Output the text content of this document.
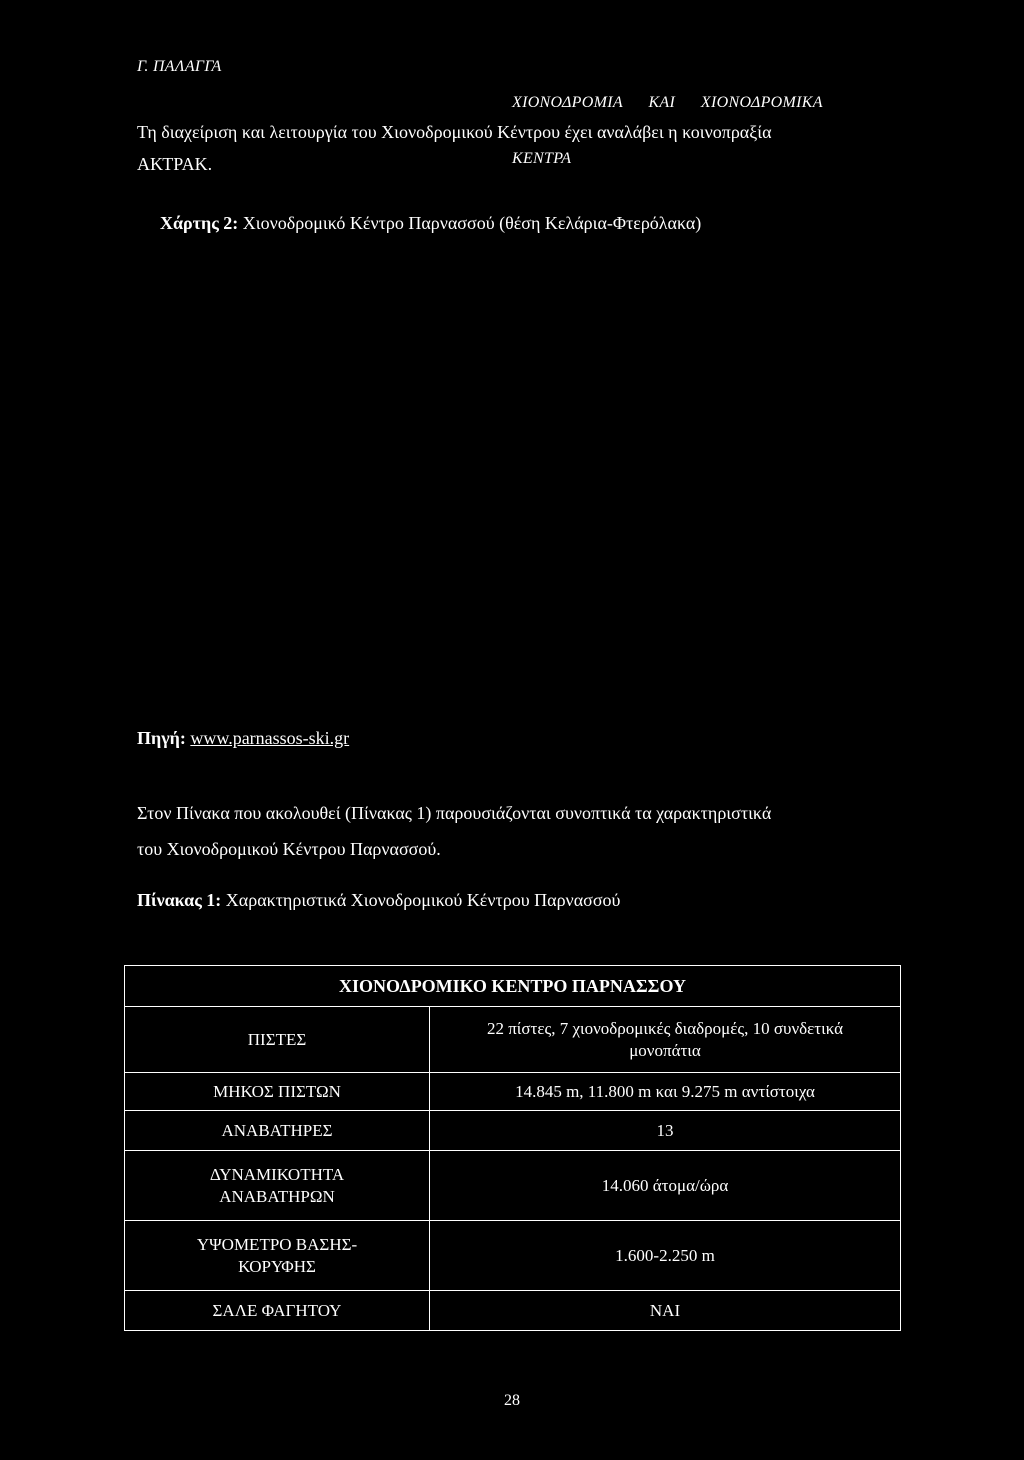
Γ. ΠΑΛΑΓΓΑ

ΧΙΟΝΟΔΡΟΜΙΑ      ΚΑΙ      ΧΙΟΝΟΔΡΟΜΙΚΑ

ΚΕΝΤΡΑ

Τη διαχείριση και λειτουργία του Χιονοδρομικού Κέντρου έχει αναλάβει η κοινοπραξία
ΑΚΤΡΑΚ.
Χάρτης 2: Χιονοδρομικό Κέντρο Παρνασσού (θέση Κελάρια-Φτερόλακα)
Πηγή: www.parnassos-ski.gr
Στον Πίνακα που ακολουθεί (Πίνακας 1) παρουσιάζονται συνοπτικά τα χαρακτηριστικά
του Χιονοδρομικού Κέντρου Παρνασσού.
Πίνακας 1: Χαρακτηριστικά Χιονοδρομικού Κέντρου Παρνασσού
ΧΙΟΝΟΔΡΟΜΙΚΟ ΚΕΝΤΡΟ ΠΑΡΝΑΣΣΟΥ	
ΠΙΣΤΕΣ	22 πίστες, 7 χιονοδρομικές διαδρομές, 10 συνδετικά
μονοπάτια

ΜΗΚΟΣ ΠΙΣΤΩΝ	14.845 m, 11.800 m και 9.275 m αντίστοιχα
ΑΝΑΒΑΤΗΡΕΣ	13

ΔΥΝΑΜΙΚΟΤΗΤΑ
ΑΝΑΒΑΤΗΡΩΝ	14.060 άτομα/ώρα

ΥΨΟΜΕΤΡΟ ΒΑΣΗΣ-
ΚΟΡΥΦΗΣ	1.600-2.250 m
ΣΑΛΕ ΦΑΓΗΤΟΥ	ΝΑΙ
28
